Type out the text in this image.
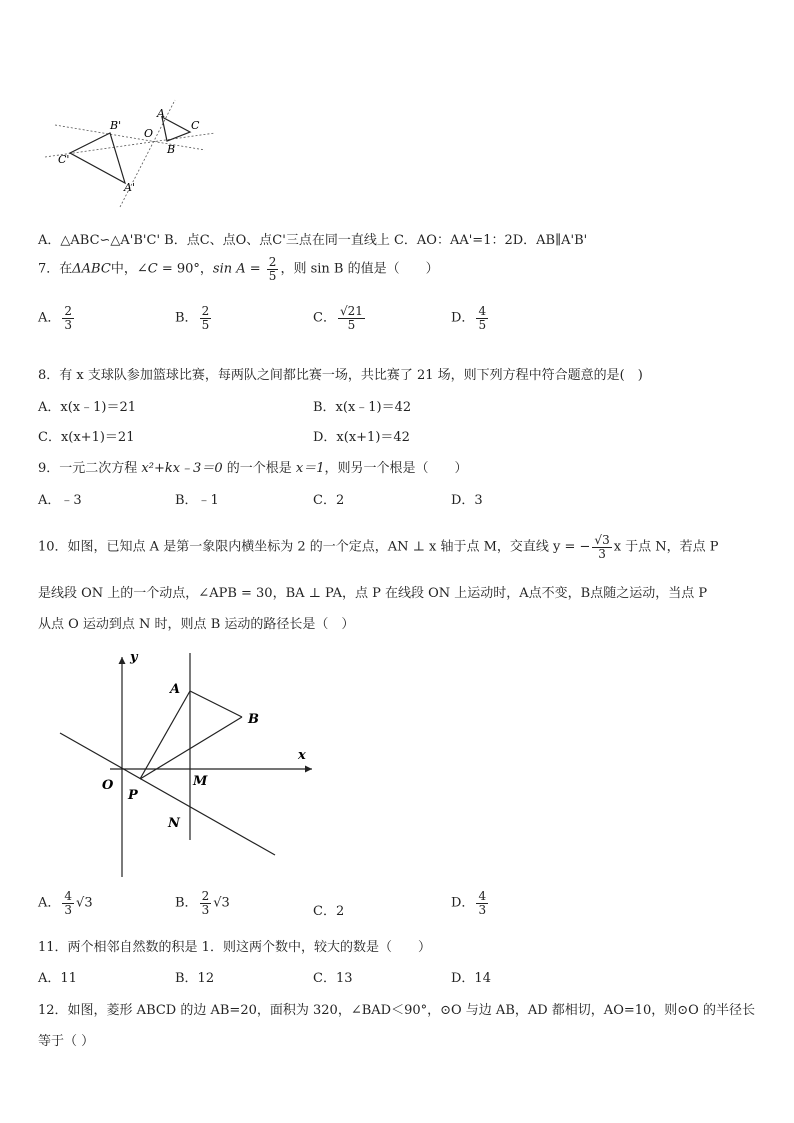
B'
C'
A'
O
A
C
B
A．△ABC∽△A'B'C' B．点C、点O、点C'三点在同一直线上 C．AO：AA'=1：2D．AB∥A'B'
7．在ΔABC中，∠C = 90°，$\sin A = \frac{2}{5}$ ，则 sin B 的值是（　　）
A． $\frac{2}{3}$	B． $\frac{2}{5}$	C． $\frac{√21}{5}$	D． $\frac{4}{5}$
8．有 x 支球队参加篮球比赛，每两队之间都比赛一场，共比赛了 21 场，则下列方程中符合题意的是(　)
A．x(x﹣1)＝21	B．x(x﹣1)＝42
C．x(x+1)＝21	D．x(x+1)＝42
9．一元二次方程 x²+kx﹣3＝0 的一个根是 x＝1，则另一个根是（　　）
A．﹣3	B．﹣1	C．2	D．3
10．如图，已知点 A 是第一象限内横坐标为 2 的一个定点，AN ⊥ x 轴于点 M，交直线 y = − $\frac{√3}{3}$ x 于点 N，若点 P
是线段 ON 上的一个动点，∠APB = 30，BA ⊥ PA，点 P 在线段 ON 上运动时，A点不变，B点随之运动，当点 P
从点 O 运动到点 N 时，则点 B 运动的路径长是（　）
y
x
A
B
O
P
M
N
A． $\frac{4}{3} √3$	B． $\frac{2}{3} √3$
C．2
D． $\frac{4}{3}$
11．两个相邻自然数的积是 1．则这两个数中，较大的数是（　　）
A．11	B．12	C．13	D．14
12．如图，菱形 ABCD 的边 AB=20，面积为 320，∠BAD＜90°，⊙O 与边 AB，AD 都相切，AO=10，则⊙O 的半径长
等于（ ）
